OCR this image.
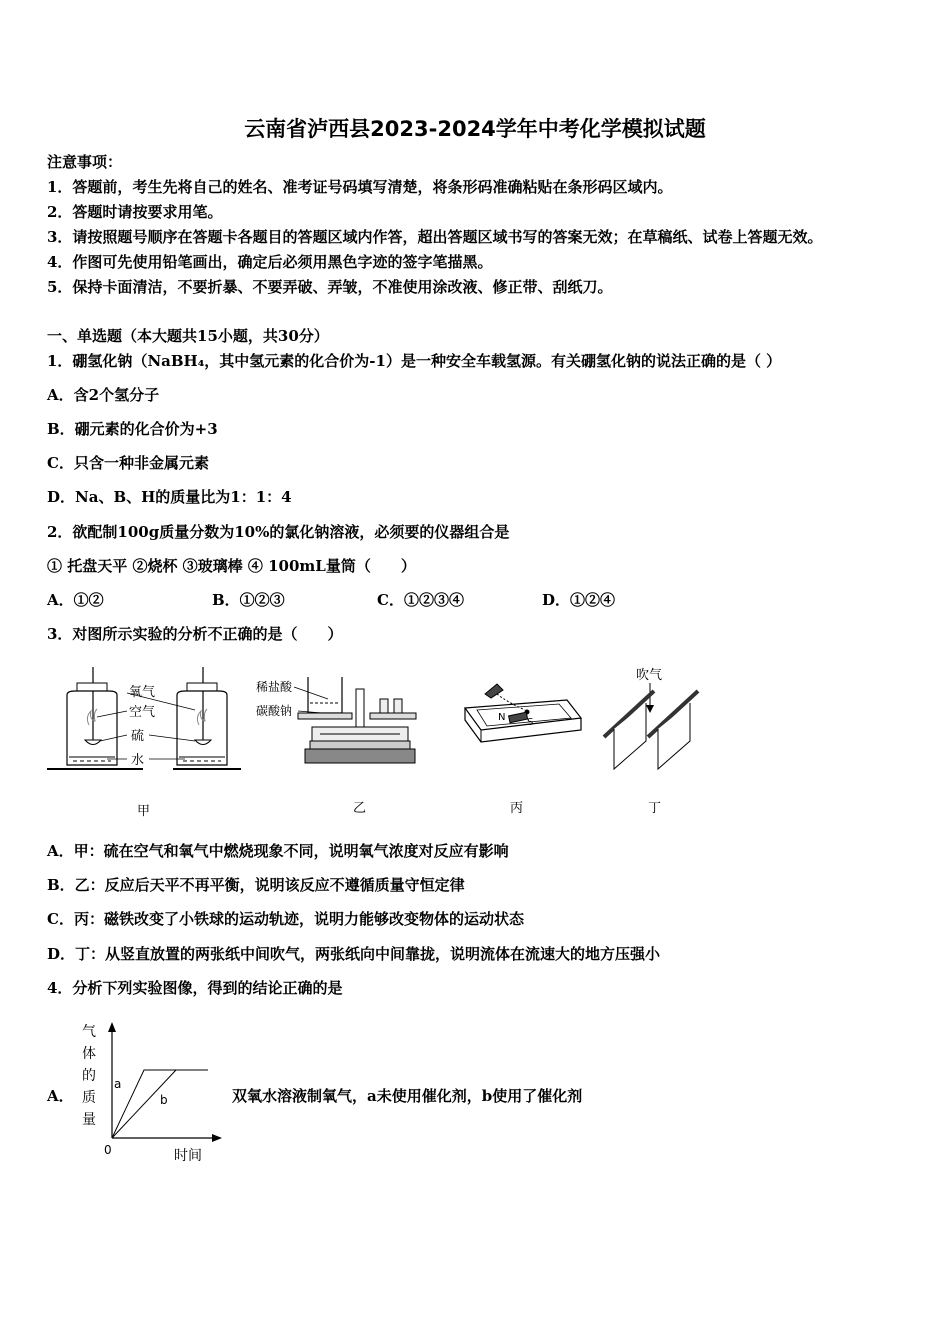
云南省泸西县2023-2024学年中考化学模拟试题
注意事项：
1．答题前，考生先将自己的姓名、准考证号码填写清楚，将条形码准确粘贴在条形码区域内。
2．答题时请按要求用笔。
3．请按照题号顺序在答题卡各题目的答题区域内作答，超出答题区域书写的答案无效；在草稿纸、试卷上答题无效。
4．作图可先使用铅笔画出，确定后必须用黑色字迹的签字笔描黑。
5．保持卡面清洁，不要折暴、不要弄破、弄皱，不准使用涂改液、修正带、刮纸刀。
一、单选题（本大题共15小题，共30分）
1．硼氢化钠（NaBH₄，其中氢元素的化合价为-1）是一种安全车载氢源。有关硼氢化钠的说法正确的是（ ）
A．含2个氢分子
B．硼元素的化合价为+3
C．只含一种非金属元素
D．Na、B、H的质量比为1：1：4
2．欲配制100g质量分数为10%的氯化钠溶液，必须要的仪器组合是
① 托盘天平 ②烧杯 ③玻璃棒 ④ 100mL量筒（　　）
A．①②	B．①②③	C．①②③④	D．①②④
3．对图所示实验的分析不正确的是（　　）
氧气
空气
硫
水
稀盐酸
碳酸钠	N S
吹气
甲	乙	丙	丁
A．甲：硫在空气和氧气中燃烧现象不同，说明氧气浓度对反应有影响
B．乙：反应后天平不再平衡，说明该反应不遵循质量守恒定律
C．丙：磁铁改变了小铁球的运动轨迹，说明力能够改变物体的运动状态
D．丁：从竖直放置的两张纸中间吹气，两张纸向中间靠拢，说明流体在流速大的地方压强小
4．分析下列实验图像，得到的结论正确的是
A．
气
体
的
质
量
a
b
0	时间
双氧水溶液制氧气，a未使用催化剂，b使用了催化剂
